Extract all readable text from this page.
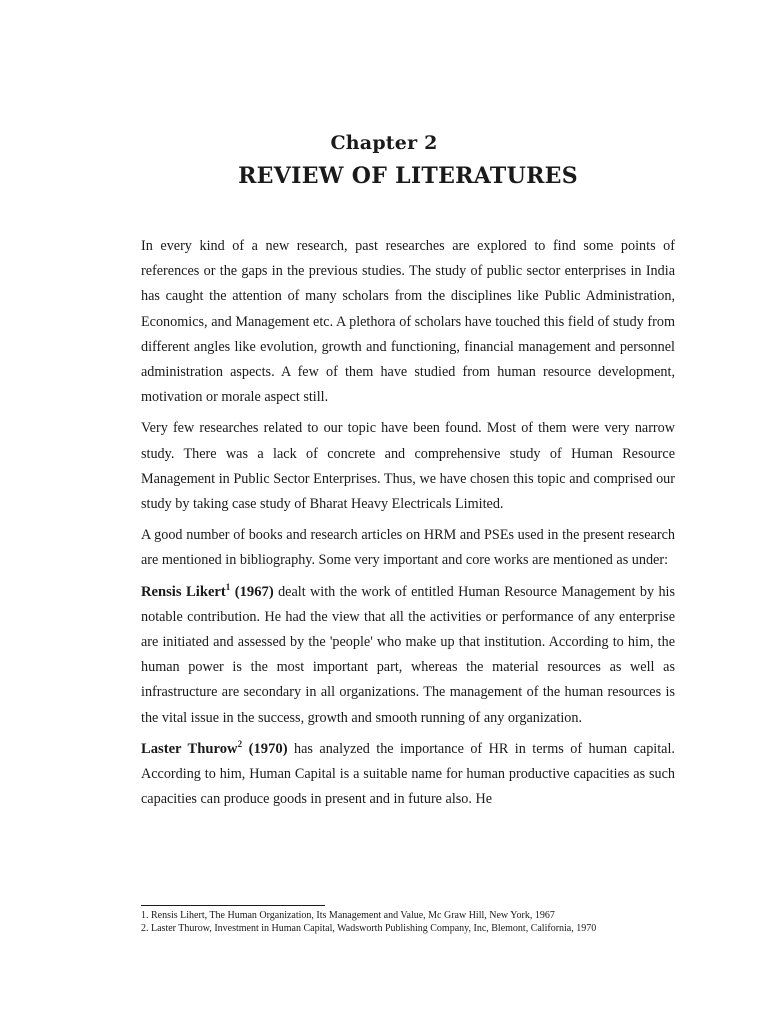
Chapter 2
REVIEW OF LITERATURES

In every kind of a new research, past researches are explored to find some points of references or the gaps in the previous studies. The study of public sector enterprises in India has caught the attention of many scholars from the disciplines like Public Administration, Economics, and Management etc. A plethora of scholars have touched this field of study from different angles like evolution, growth and functioning, financial management and personnel administration aspects. A few of them have studied from human resource development, motivation or morale aspect still.

Very few researches related to our topic have been found. Most of them were very narrow study. There was a lack of concrete and comprehensive study of Human Resource Management in Public Sector Enterprises. Thus, we have chosen this topic and comprised our study by taking case study of Bharat Heavy Electricals Limited.

A good number of books and research articles on HRM and PSEs used in the present research are mentioned in bibliography. Some very important and core works are mentioned as under:

Rensis Likert$^1$ (1967) dealt with the work of entitled Human Resource Management by his notable contribution. He had the view that all the activities or performance of any enterprise are initiated and assessed by the 'people' who make up that institution. According to him, the human power is the most important part, whereas the material resources as well as infrastructure are secondary in all organizations. The management of the human resources is the vital issue in the success, growth and smooth running of any organization.

Laster Thurow$^2$ (1970) has analyzed the importance of HR in terms of human capital. According to him, Human Capital is a suitable name for human productive capacities as such capacities can produce goods in present and in future also. He

1. Rensis Lihert, The Human Organization, Its Management and Value, Mc Graw Hill, New York, 1967
2. Laster Thurow, Investment in Human Capital, Wadsworth Publishing Company, Inc, Blemont, California, 1970
